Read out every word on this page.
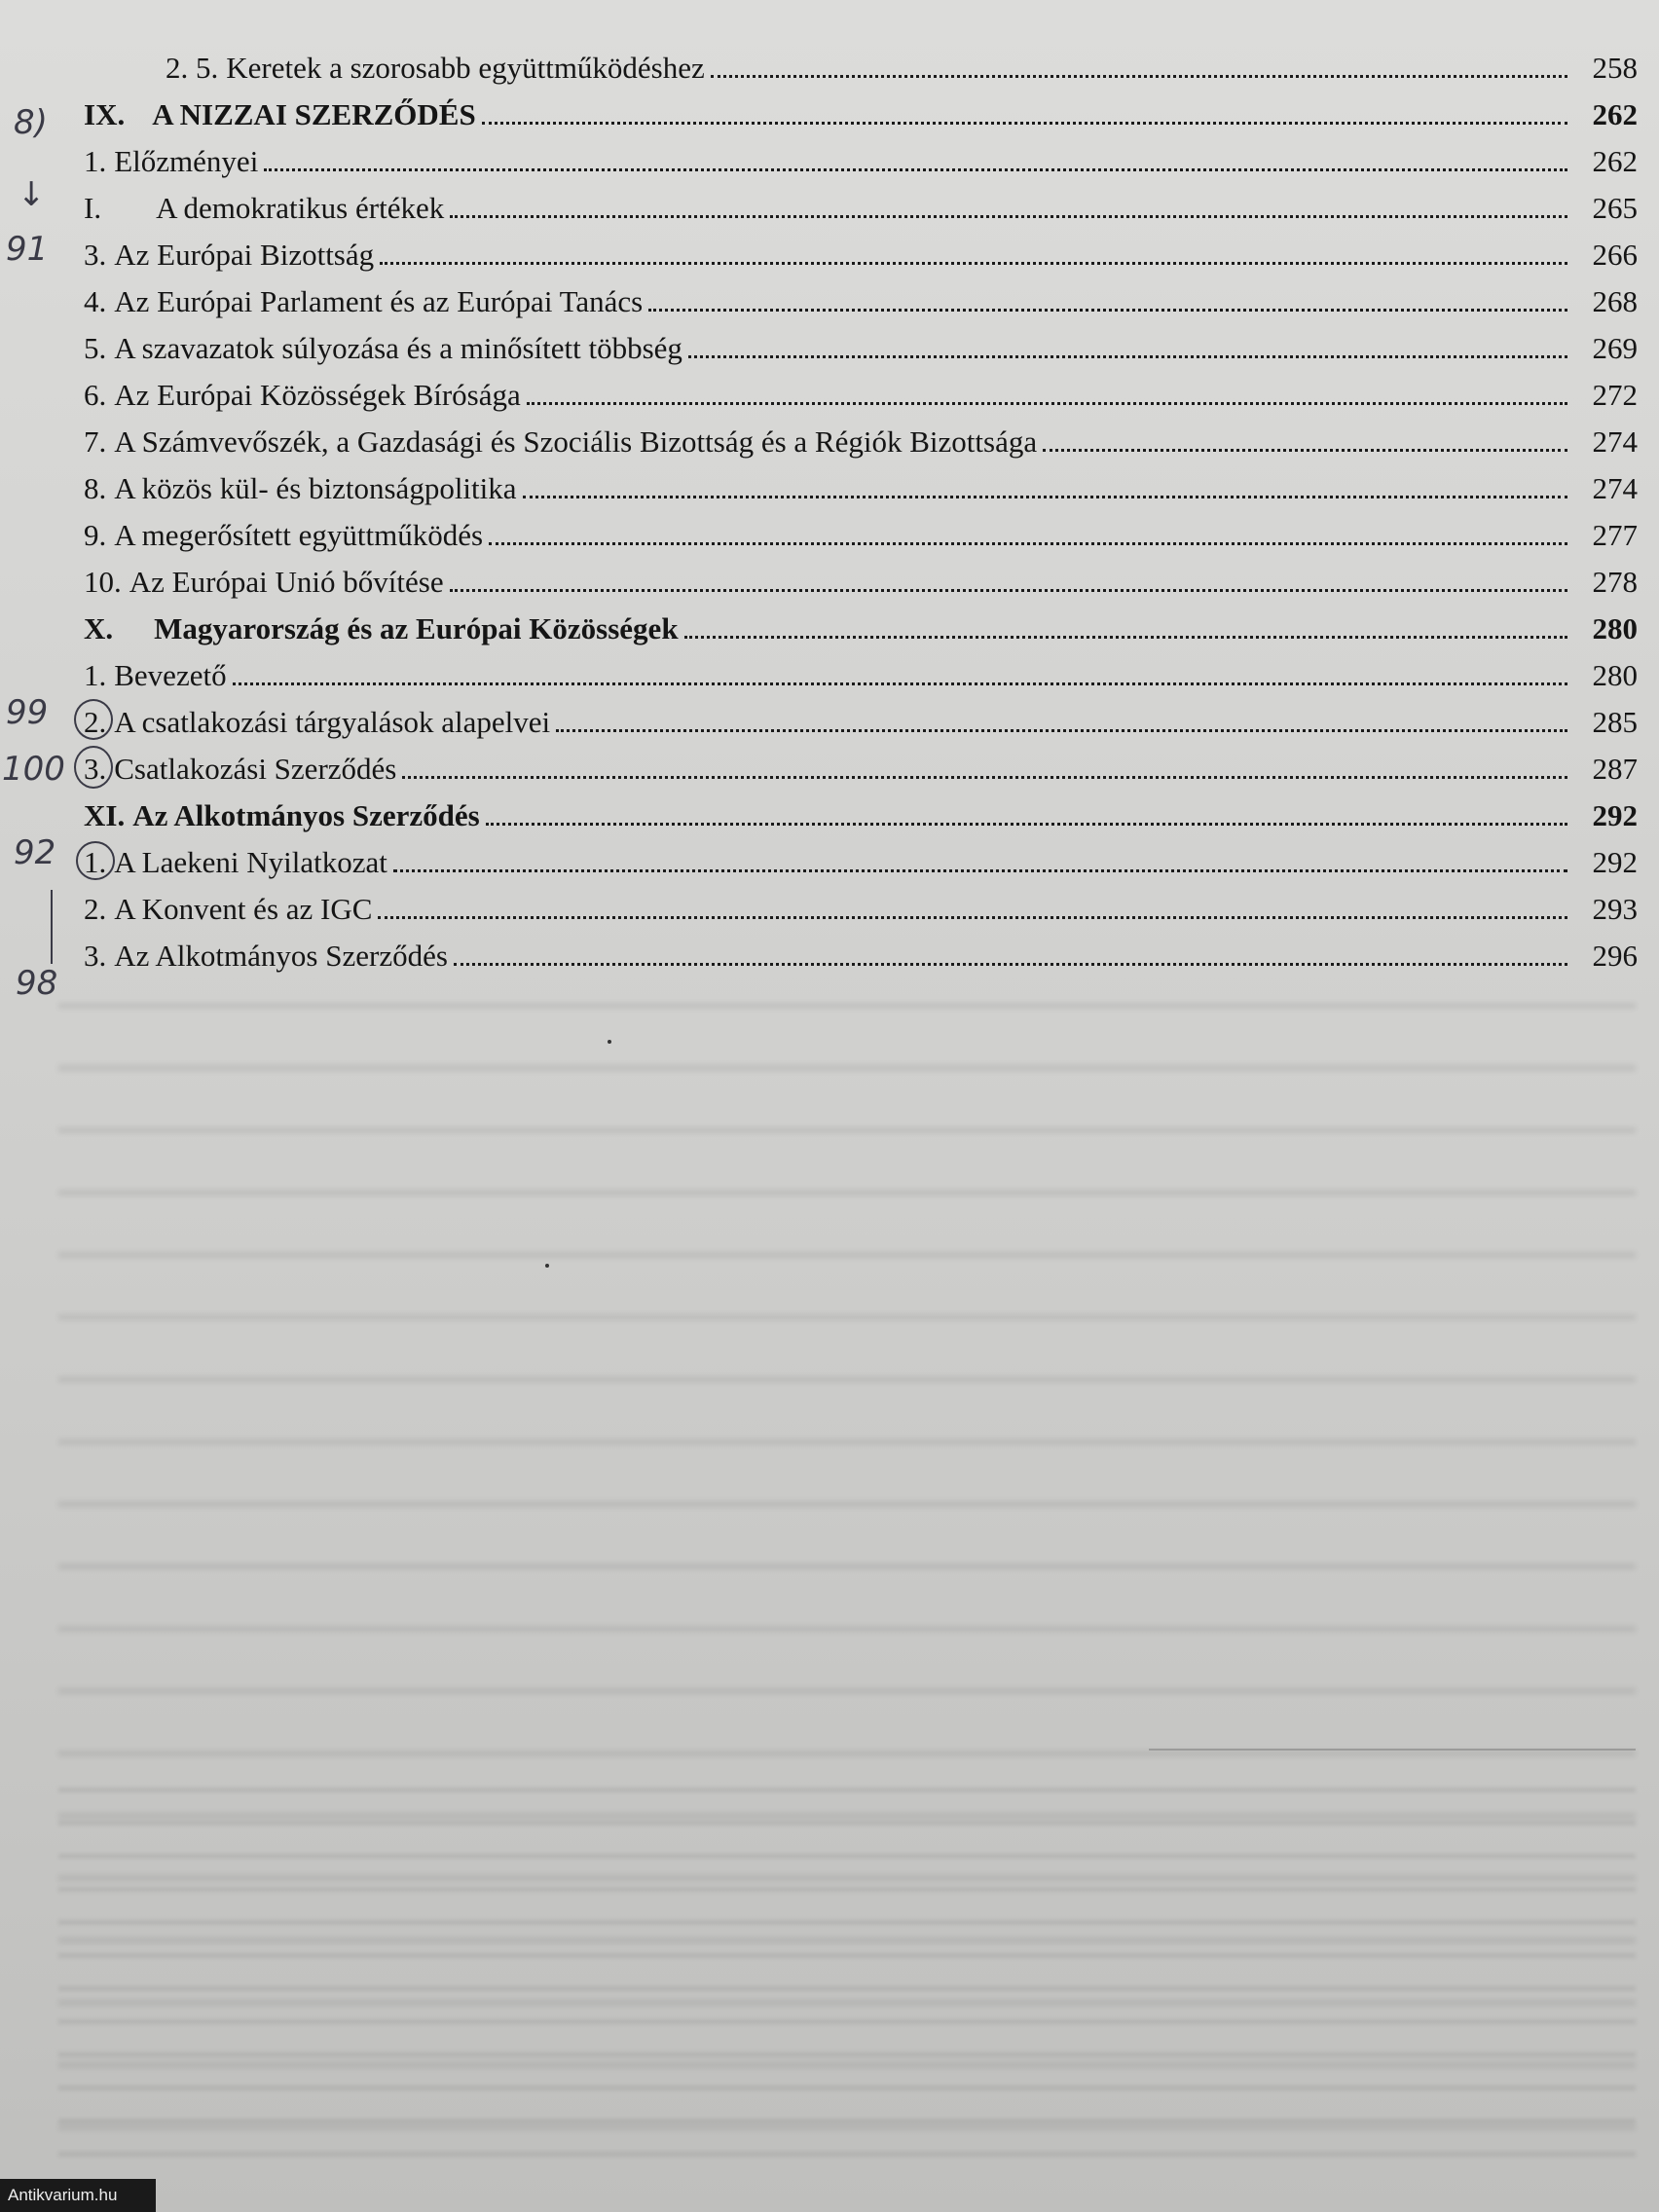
2. 5. Keretek a szorosabb együttműködéshez	258
IX. A NIZZAI SZERZŐDÉS	262
1. Előzményei	262
I. A demokratikus értékek	265
3. Az Európai Bizottság	266
4. Az Európai Parlament és az Európai Tanács	268
5. A szavazatok súlyozása és a minősített többség	269
6. Az Európai Közösségek Bírósága	272
7. A Számvevőszék, a Gazdasági és Szociális Bizottság és a Régiók Bizottsága	274
8. A közös kül- és biztonságpolitika	274
9. A megerősített együttműködés	277
10. Az Európai Unió bővítése	278
X. Magyarország és az Európai Közösségek	280
1. Bevezető	280
2. A csatlakozási tárgyalások alapelvei	285
3. Csatlakozási Szerződés	287
XI. Az Alkotmányos Szerződés	292
1. A Laekeni Nyilatkozat	292
2. A Konvent és az IGC	293
3. Az Alkotmányos Szerződés	296
8)
↓
91
99
100
92
98
Antikvarium.hu
